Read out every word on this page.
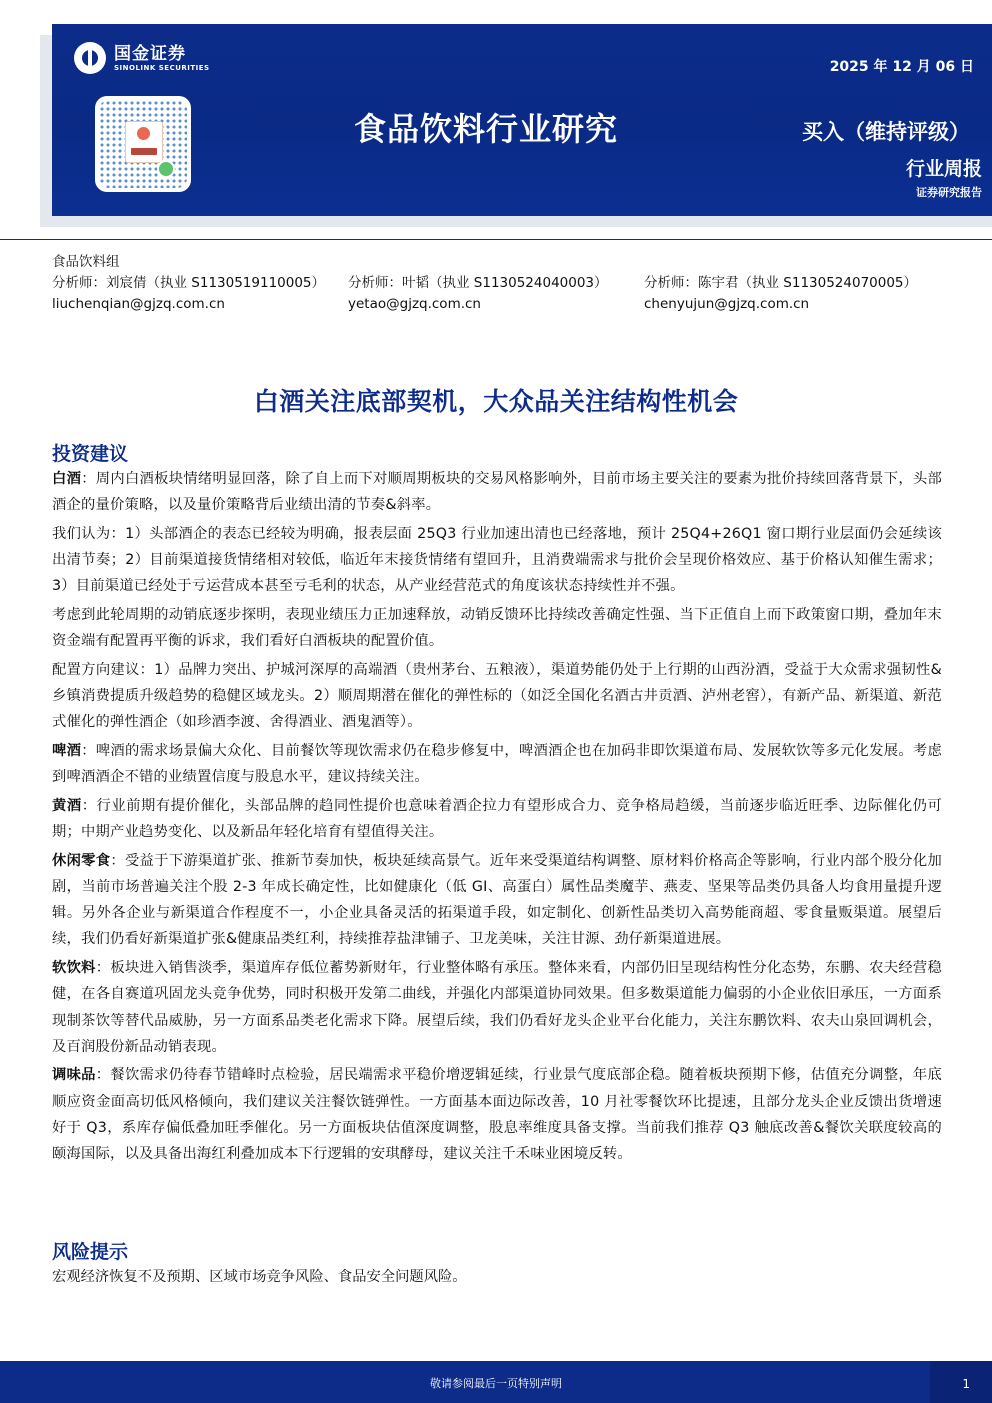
国金证券
SINOLINK SECURITIES	2025 年 12 月 06 日
食品饮料行业研究	买入（维持评级）
行业周报
证券研究报告
食品饮料组
分析师：刘宸倩（执业 S1130519110005） 分析师：叶韬（执业 S1130524040003）	分析师：陈宇君（执业 S1130524070005）
liuchenqian@gjzq.com.cn	yetao@gjzq.com.cn	chenyujun@gjzq.com.cn
白酒关注底部契机，大众品关注结构性机会
投资建议

白酒：周内白酒板块情绪明显回落，除了自上而下对顺周期板块的交易风格影响外，目前市场主要关注的要素为批价持续回落背景下，头部酒企的量价策略，以及量价策略背后业绩出清的节奏&斜率。

我们认为：1）头部酒企的表态已经较为明确，报表层面 25Q3 行业加速出清也已经落地，预计 25Q4+26Q1 窗口期行业层面仍会延续该出清节奏；2）目前渠道接货情绪相对较低，临近年末接货情绪有望回升，且消费端需求与批价会呈现价格效应、基于价格认知催生需求；3）目前渠道已经处于亏运营成本甚至亏毛利的状态，从产业经营范式的角度该状态持续性并不强。

考虑到此轮周期的动销底逐步探明，表现业绩压力正加速释放，动销反馈环比持续改善确定性强、当下正值自上而下政策窗口期，叠加年末资金端有配置再平衡的诉求，我们看好白酒板块的配置价值。

配置方向建议：1）品牌力突出、护城河深厚的高端酒（贵州茅台、五粮液），渠道势能仍处于上行期的山西汾酒，受益于大众需求强韧性&乡镇消费提质升级趋势的稳健区域龙头。2）顺周期潜在催化的弹性标的（如泛全国化名酒古井贡酒、泸州老窖），有新产品、新渠道、新范式催化的弹性酒企（如珍酒李渡、舍得酒业、酒鬼酒等）。

啤酒：啤酒的需求场景偏大众化、目前餐饮等现饮需求仍在稳步修复中，啤酒酒企也在加码非即饮渠道布局、发展软饮等多元化发展。考虑到啤酒酒企不错的业绩置信度与股息水平，建议持续关注。

黄酒：行业前期有提价催化，头部品牌的趋同性提价也意味着酒企拉力有望形成合力、竞争格局趋缓，当前逐步临近旺季、边际催化仍可期；中期产业趋势变化、以及新品年轻化培育有望值得关注。

休闲零食：受益于下游渠道扩张、推新节奏加快，板块延续高景气。近年来受渠道结构调整、原材料价格高企等影响，行业内部个股分化加剧，当前市场普遍关注个股 2-3 年成长确定性，比如健康化（低 GI、高蛋白）属性品类魔芋、燕麦、坚果等品类仍具备人均食用量提升逻辑。另外各企业与新渠道合作程度不一，小企业具备灵活的拓渠道手段，如定制化、创新性品类切入高势能商超、零食量贩渠道。展望后续，我们仍看好新渠道扩张&健康品类红利，持续推荐盐津铺子、卫龙美味，关注甘源、劲仔新渠道进展。

软饮料：板块进入销售淡季，渠道库存低位蓄势新财年，行业整体略有承压。整体来看，内部仍旧呈现结构性分化态势，东鹏、农夫经营稳健，在各自赛道巩固龙头竞争优势，同时积极开发第二曲线，并强化内部渠道协同效果。但多数渠道能力偏弱的小企业依旧承压，一方面系现制茶饮等替代品威胁，另一方面系品类老化需求下降。展望后续，我们仍看好龙头企业平台化能力，关注东鹏饮料、农夫山泉回调机会，及百润股份新品动销表现。

调味品：餐饮需求仍待春节错峰时点检验，居民端需求平稳价增逻辑延续，行业景气度底部企稳。随着板块预期下修，估值充分调整，年底顺应资金面高切低风格倾向，我们建议关注餐饮链弹性。一方面基本面边际改善，10 月社零餐饮环比提速，且部分龙头企业反馈出货增速好于 Q3，系库存偏低叠加旺季催化。另一方面板块估值深度调整，股息率维度具备支撑。当前我们推荐 Q3 触底改善&餐饮关联度较高的颐海国际，以及具备出海红利叠加成本下行逻辑的安琪酵母，建议关注千禾味业困境反转。

风险提示
宏观经济恢复不及预期、区域市场竞争风险、食品安全问题风险。
敬请参阅最后一页特别声明	1
